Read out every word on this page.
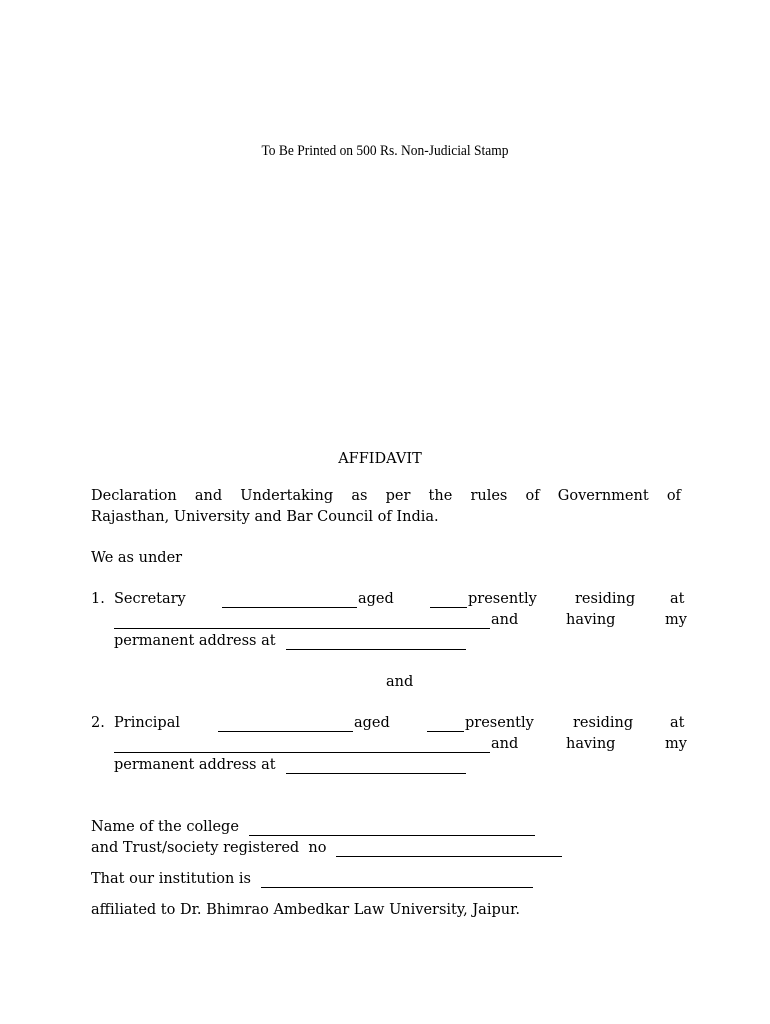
To Be Printed on 500 Rs. Non-Judicial Stamp
AFFIDAVIT
Declaration and Undertaking as per the rules of Government of
Rajasthan, University and Bar Council of India.
We as under
1. Secretary	aged	presently	residing at
and	having	my
permanent address at
and
2. Principal	aged	presently	residing	at
and	having	my
permanent address at
Name of the college
and Trust/society registered  no
That our institution is
affiliated to Dr. Bhimrao Ambedkar Law University, Jaipur.
